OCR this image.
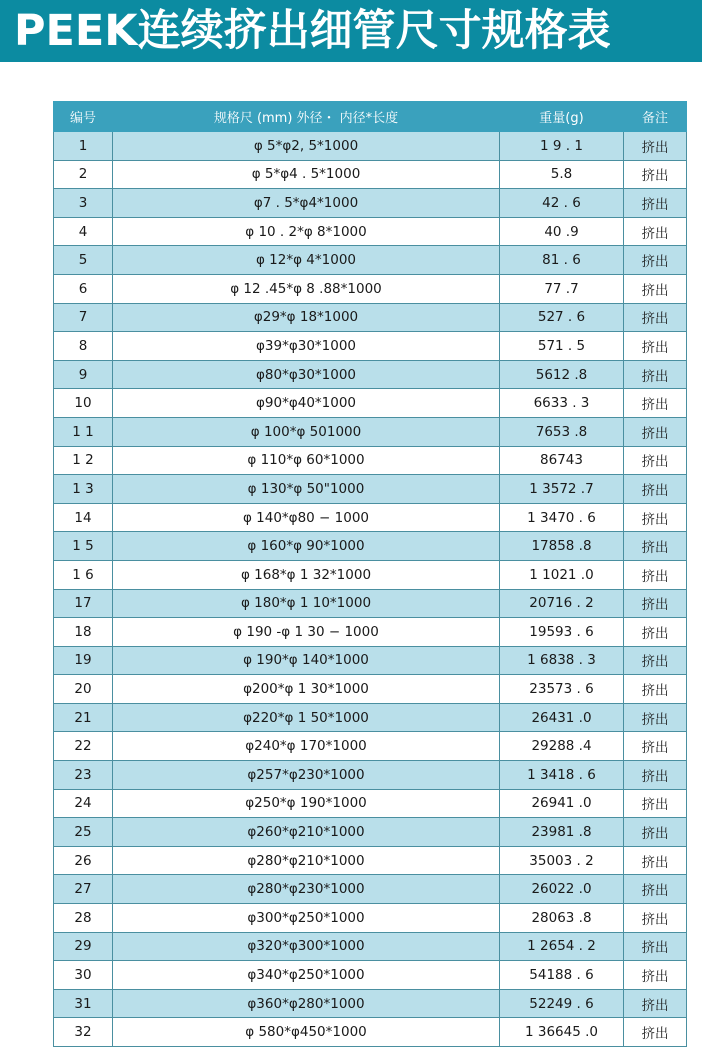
PEEK连续挤出细管尺寸规格表
编号	规格尺 (mm) 外径・ 内径*长度	重量(g)	备注
1	φ 5*φ2, 5*1000	1 9 . 1	挤出
2	φ 5*φ4 . 5*1000	5.8	挤出
3	φ7 . 5*φ4*1000	42 . 6	挤出
4	φ 10 . 2*φ 8*1000	40 .9	挤出
5	φ 12*φ 4*1000	81 . 6	挤出
6	φ 12 .45*φ 8 .88*1000	77 .7	挤出
7	φ29*φ 18*1000	527 . 6	挤出
8	φ39*φ30*1000	571 . 5	挤出
9	φ80*φ30*1000	5612 .8	挤出
10	φ90*φ40*1000	6633 . 3	挤出
1 1	φ 100*φ 501000	7653 .8	挤出
1 2	φ 110*φ 60*1000	86743	挤出
1 3	φ 130*φ 50"1000	1 3572 .7	挤出
14	φ 140*φ80 − 1000	1 3470 . 6	挤出
1 5	φ 160*φ 90*1000	17858 .8	挤出
1 6	φ 168*φ 1 32*1000	1 1021 .0	挤出
17	φ 180*φ 1 10*1000	20716 . 2	挤出
18	φ 190 -φ 1 30 − 1000	19593 . 6	挤出
19	φ 190*φ 140*1000	1 6838 . 3	挤出
20	φ200*φ 1 30*1000	23573 . 6	挤出
21	φ220*φ 1 50*1000	26431 .0	挤出
22	φ240*φ 170*1000	29288 .4	挤出
23	φ257*φ230*1000	1 3418 . 6	挤出
24	φ250*φ 190*1000	26941 .0	挤出
25	φ260*φ210*1000	23981 .8	挤出
26	φ280*φ210*1000	35003 . 2	挤出
27	φ280*φ230*1000	26022 .0	挤出
28	φ300*φ250*1000	28063 .8	挤出
29	φ320*φ300*1000	1 2654 . 2	挤出
30	φ340*φ250*1000	54188 . 6	挤出
31	φ360*φ280*1000	52249 . 6	挤出
32	φ 580*φ450*1000	1 36645 .0	挤出
